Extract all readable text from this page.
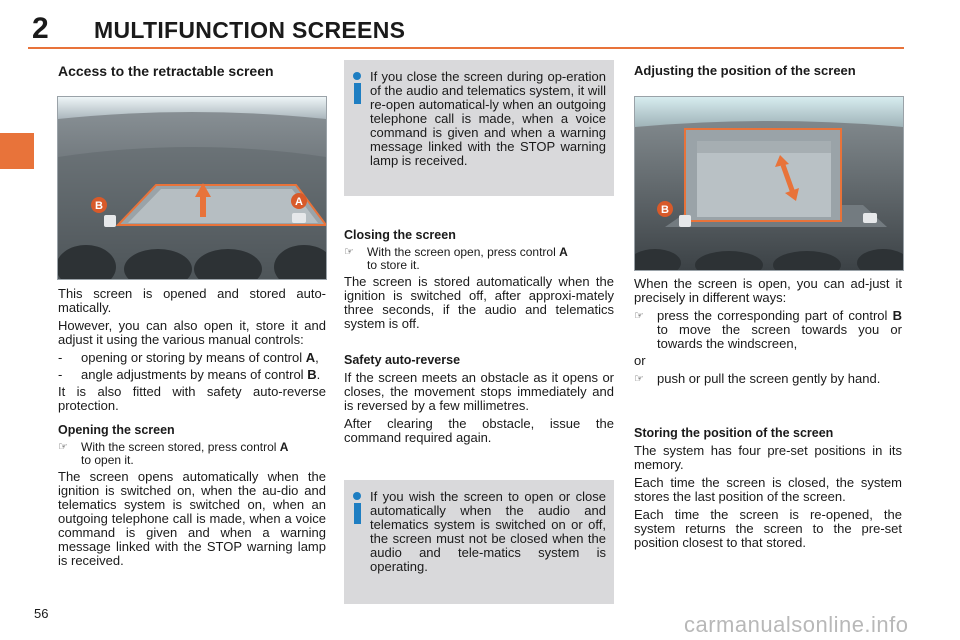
2 MULTIFUNCTION SCREENS
Access to the retractable screen
B	A

This screen is opened and stored auto-matically.

However, you can also open it, store it and adjust it using the various manual controls:

-	opening or storing by means of control A,
-	angle adjustments by means of control B.

It is also fitted with safety auto-reverse protection.

Opening the screen
☞	With the screen stored, press control A
to open it.

The screen opens automatically when the ignition is switched on, when the au-dio and telematics system is switched on, when an outgoing telephone call is made, when a voice command is given and when a warning message linked with the STOP warning lamp is received.

If you close the screen during op-eration of the audio and telematics system, it will re-open automatical-ly when an outgoing telephone call is made, when a voice command is given and when a warning message linked with the STOP warning lamp is received.
Closing the screen
☞	With the screen open, press control A
to store it.

The screen is stored automatically when the ignition is switched off, after approxi-mately three seconds, if the audio and telematics system is off.

Safety auto-reverse

If the screen meets an obstacle as it opens or closes, the movement stops immediately and is reversed by a few millimetres.

After clearing the obstacle, issue the command required again.

If you wish the screen to open or close automatically when the audio and telematics system is switched on or off, the screen must not be closed when the audio and tele-matics system is operating.
Adjusting the position of the screen
B

When the screen is open, you can ad-just it precisely in different ways:

☞	press the corresponding part of control B to move the screen towards you or towards the windscreen,

or

☞	push or pull the screen gently by hand.
Storing the position of the screen

The system has four pre-set positions in its memory.

Each time the screen is closed, the system stores the last position of the screen.

Each time the screen is re-opened, the system returns the screen to the pre-set position closest to that stored.

56	carmanualsonline.info
